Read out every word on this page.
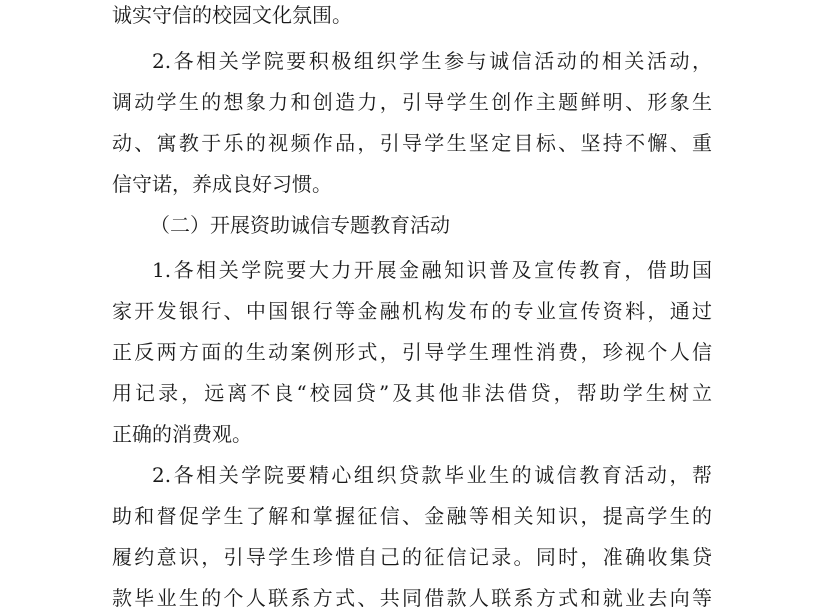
诚实守信的校园文化氛围。
2.各相关学院要积极组织学生参与诚信活动的相关活动，
调动学生的想象力和创造力，引导学生创作主题鲜明、形象生
动、寓教于乐的视频作品，引导学生坚定目标、坚持不懈、重
信守诺，养成良好习惯。
（二）开展资助诚信专题教育活动
1.各相关学院要大力开展金融知识普及宣传教育，借助国
家开发银行、中国银行等金融机构发布的专业宣传资料，通过
正反两方面的生动案例形式，引导学生理性消费，珍视个人信
用记录，远离不良“校园贷”及其他非法借贷，帮助学生树立
正确的消费观。
2.各相关学院要精心组织贷款毕业生的诚信教育活动，帮
助和督促学生了解和掌握征信、金融等相关知识，提高学生的
履约意识，引导学生珍惜自己的征信记录。同时，准确收集贷
款毕业生的个人联系方式、共同借款人联系方式和就业去向等
